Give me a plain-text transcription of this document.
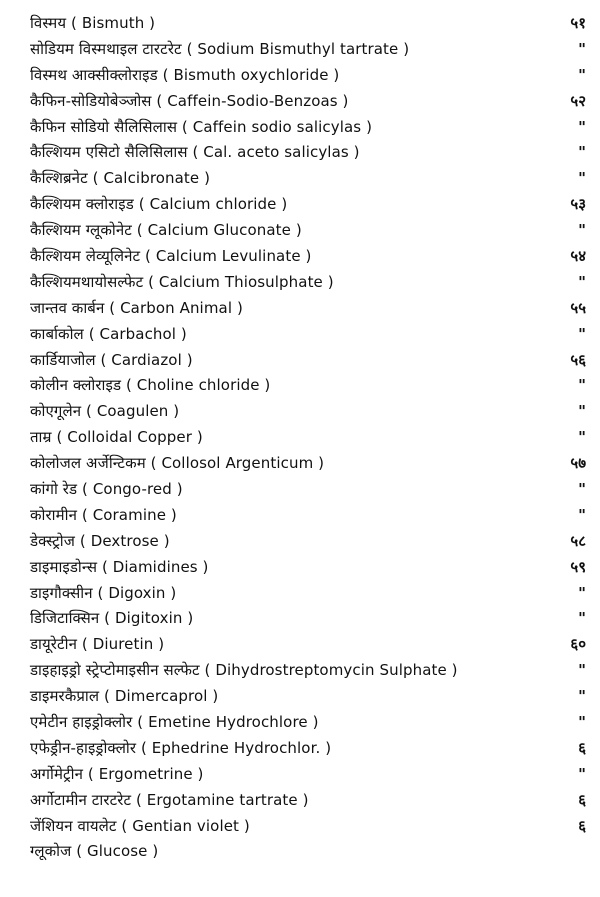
विस्मय ( Bismuth )	५१
सोडियम विस्मथाइल टारटरेट ( Sodium Bismuthyl tartrate )	"
विस्मथ आक्सीक्लोराइड ( Bismuth oxychloride )	"
कैफिन-सोडियोबेञ्जोस ( Caffein-Sodio-Benzoas )	५२
कैफिन सोडियो सैलिसिलास ( Caffein sodio salicylas )	"
कैल्शियम एसिटो सैलिसिलास ( Cal. aceto salicylas )	"
कैल्शिब्रनेट ( Calcibronate )	"
कैल्शियम क्लोराइड ( Calcium chloride )	५३
कैल्शियम ग्लूकोनेट ( Calcium Gluconate )	"
कैल्शियम लेव्यूलिनेट ( Calcium Levulinate )	५४
कैल्शियमथायोसल्फेट ( Calcium Thiosulphate )	"
जान्तव कार्बन ( Carbon Animal )	५५
कार्बाकोल ( Carbachol )	"
कार्डियाजोल ( Cardiazol )	५६
कोलीन क्लोराइड ( Choline chloride )	"
कोएगूलेन ( Coagulen )	"
ताम्र ( Colloidal Copper )	"
कोलोजल अर्जेन्टिकम ( Collosol Argenticum )	५७
कांगो रेड ( Congo-red )	"
कोरामीन ( Coramine )	"
डेक्स्ट्रोज ( Dextrose )	५८
डाइमाइडोन्स ( Diamidines )	५९
डाइगौक्सीन ( Digoxin )	"
डिजिटाक्सिन ( Digitoxin )	"
डायूरेटीन ( Diuretin )	६०
डाइहाइड्रो स्ट्रेप्टोमाइसीन सल्फेट ( Dihydrostreptomycin Sulphate )	"
डाइमरकैप्राल ( Dimercaprol )	"
एमेटीन हाइड्रोक्लोर ( Emetine Hydrochlore )	"
एफेड्रीन-हाइड्रोक्लोर ( Ephedrine Hydrochlor. )	६
अर्गोमेट्रीन ( Ergometrine )	"
अर्गोटामीन टारटरेट ( Ergotamine tartrate )	६
जेंशियन वायलेट ( Gentian violet )	६
ग्लूकोज ( Glucose )
